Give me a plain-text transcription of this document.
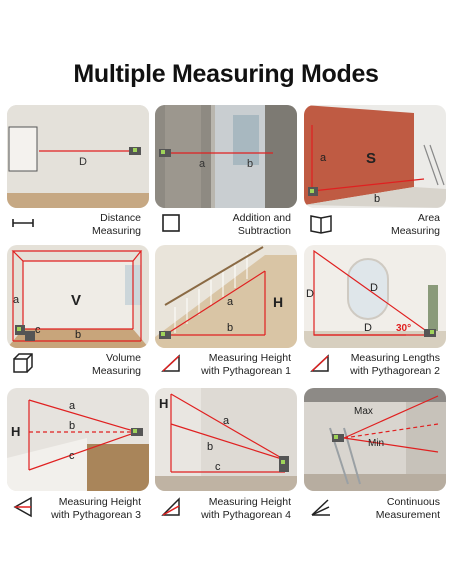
Multiple Measuring Modes
D
Distance
Measuring
a	b
Addition and
Subtraction
a
b
S
Area
Measuring
a
b
c
V
Volume
Measuring
a
b
H
Measuring Height
with Pythagorean 1
D	D
D 30°
Measuring Lengths
with Pythagorean 2
H
a
b
c
Measuring Height
with Pythagorean 3
H
a
b
c
Measuring Height
with Pythagorean 4
Max
Min
Continuous
Measurement
